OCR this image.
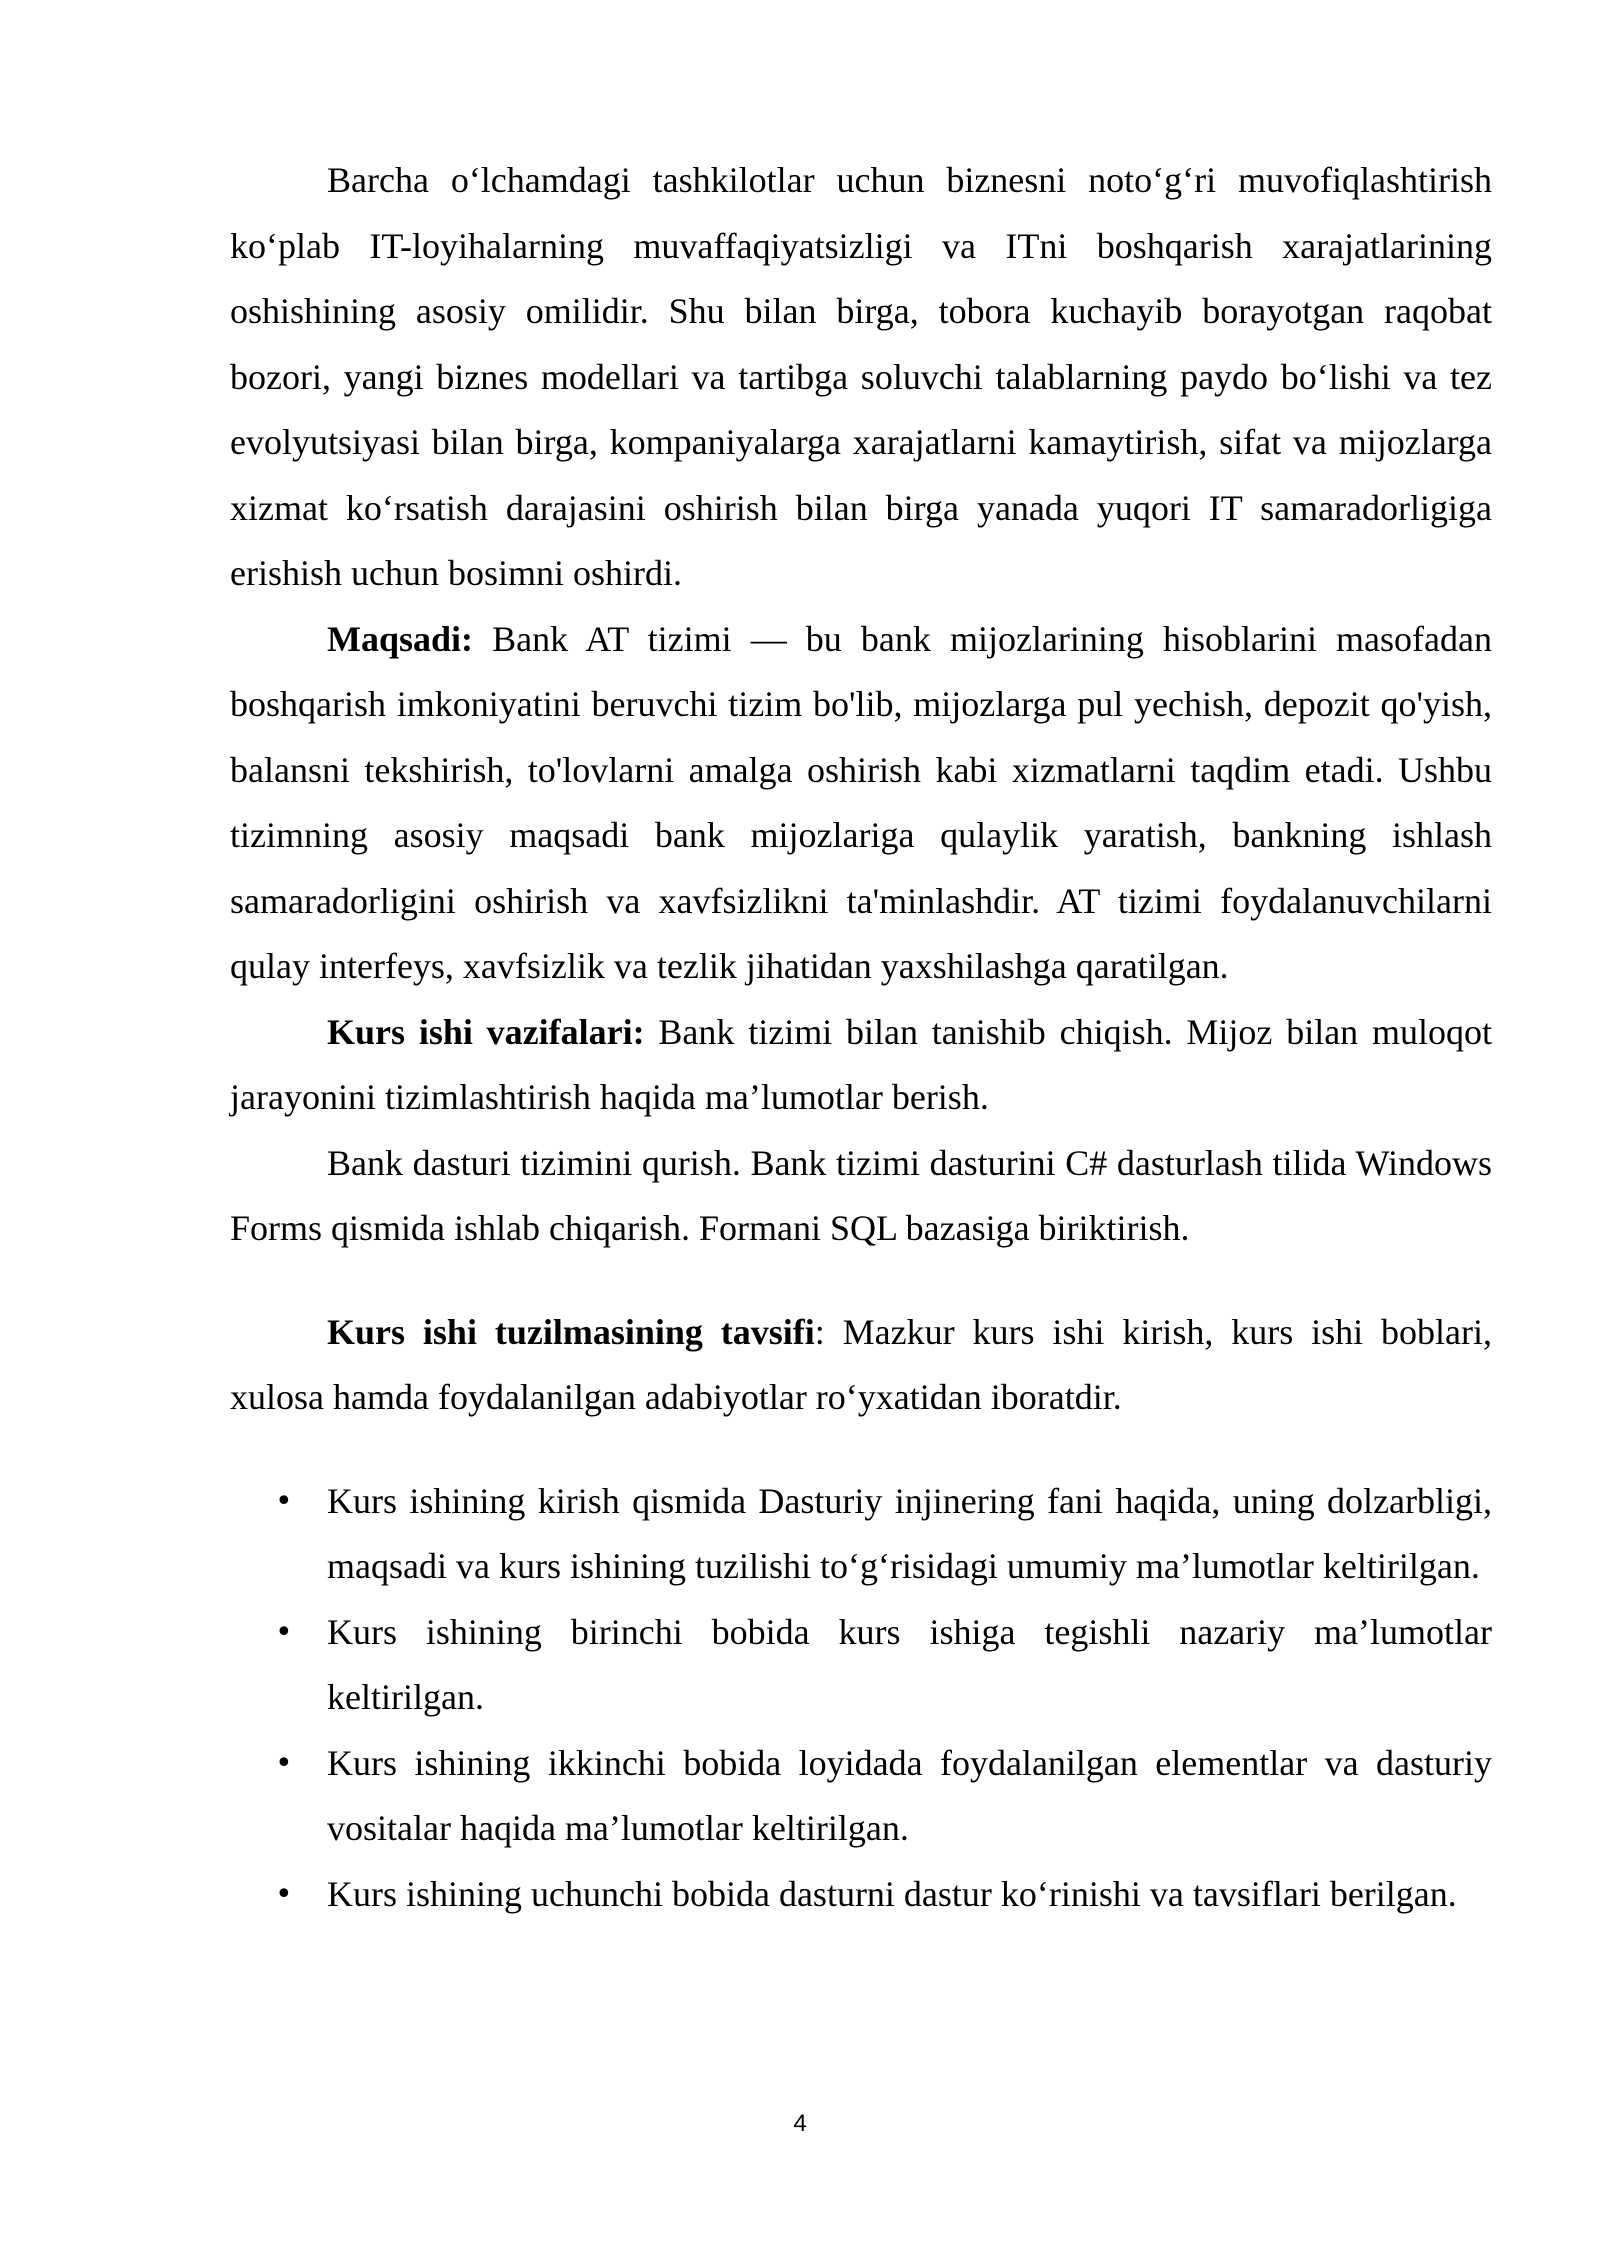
Barcha o‘lchamdagi tashkilotlar uchun biznesni noto‘g‘ri muvofiqlashtirish ko‘plab IT-loyihalarning muvaffaqiyatsizligi va ITni boshqarish xarajatlarining oshishining asosiy omilidir. Shu bilan birga, tobora kuchayib borayotgan raqobat bozori, yangi biznes modellari va tartibga soluvchi talablarning paydo bo‘lishi va tez evolyutsiyasi bilan birga, kompaniyalarga xarajatlarni kamaytirish, sifat va mijozlarga xizmat ko‘rsatish darajasini oshirish bilan birga yanada yuqori IT samaradorligiga erishish uchun bosimni oshirdi.

Maqsadi: Bank AT tizimi — bu bank mijozlarining hisoblarini masofadan boshqarish imkoniyatini beruvchi tizim bo'lib, mijozlarga pul yechish, depozit qo'yish, balansni tekshirish, to'lovlarni amalga oshirish kabi xizmatlarni taqdim etadi. Ushbu tizimning asosiy maqsadi bank mijozlariga qulaylik yaratish, bankning ishlash samaradorligini oshirish va xavfsizlikni ta'minlashdir. AT tizimi foydalanuvchilarni qulay interfeys, xavfsizlik va tezlik jihatidan yaxshilashga qaratilgan.

Kurs ishi vazifalari: Bank tizimi bilan tanishib chiqish. Mijoz bilan muloqot jarayonini tizimlashtirish haqida ma’lumotlar berish.

Bank dasturi tizimini qurish. Bank tizimi dasturini C# dasturlash tilida Windows Forms qismida ishlab chiqarish. Formani SQL bazasiga biriktirish.

Kurs ishi tuzilmasining tavsifi: Mazkur kurs ishi kirish, kurs ishi boblari, xulosa hamda foydalanilgan adabiyotlar ro‘yxatidan iboratdir.

• Kurs ishining kirish qismida Dasturiy injinering fani haqida, uning dolzarbligi, maqsadi va kurs ishining tuzilishi to‘g‘risidagi umumiy ma’lumotlar keltirilgan.
• Kurs ishining birinchi bobida kurs ishiga tegishli nazariy ma’lumotlar keltirilgan.
• Kurs ishining ikkinchi bobida loyidada foydalanilgan elementlar va dasturiy vositalar haqida ma’lumotlar keltirilgan.
• Kurs ishining uchunchi bobida dasturni dastur ko‘rinishi va tavsiflari berilgan.
4
